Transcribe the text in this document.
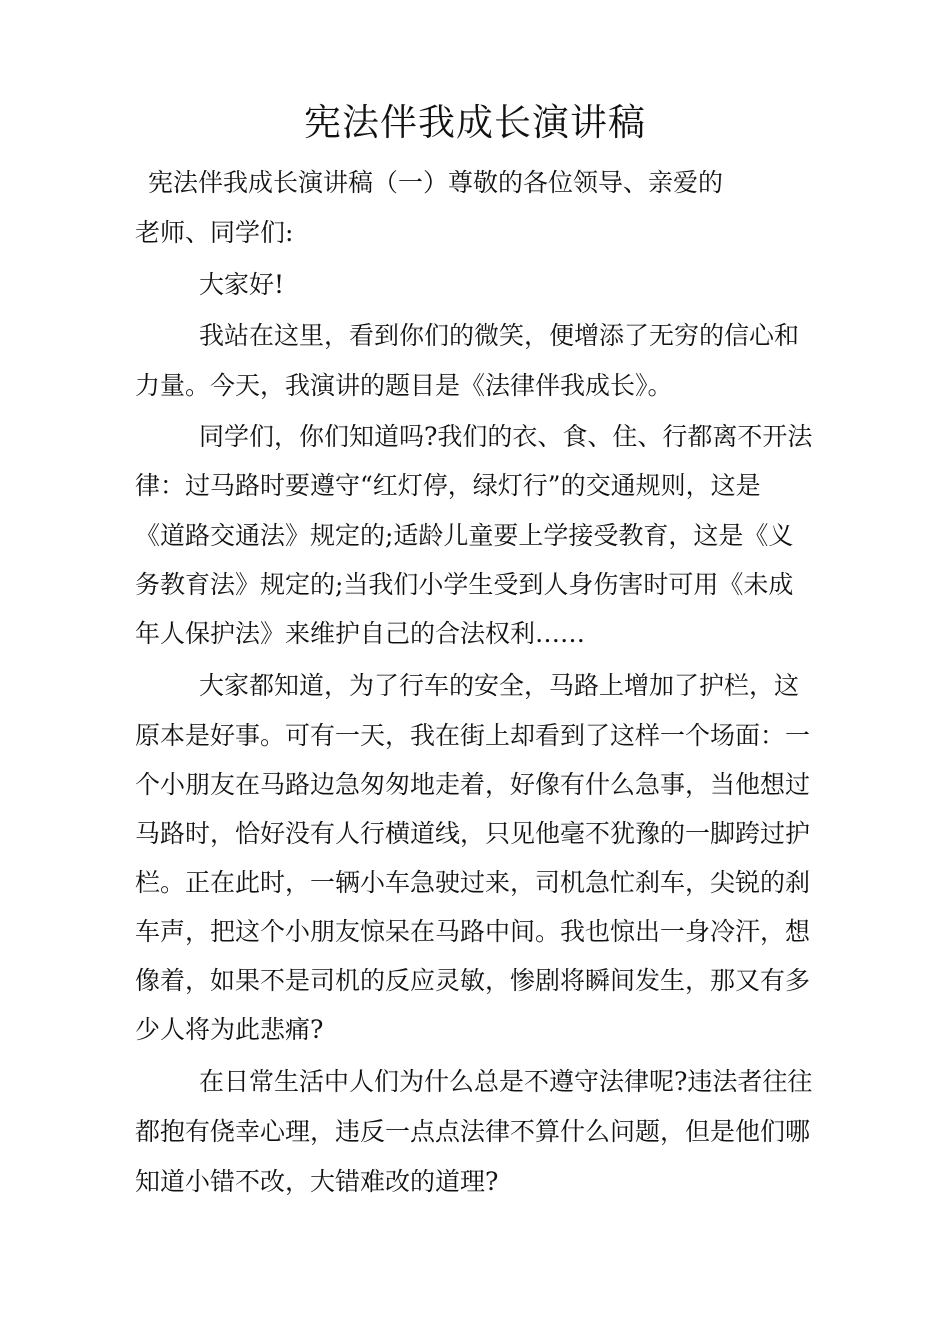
宪法伴我成长演讲稿
宪法伴我成长演讲稿（一）尊敬的各位领导、亲爱的
老师、同学们:
大家好!
我站在这里，看到你们的微笑，便增添了无穷的信心和
力量。今天，我演讲的题目是《法律伴我成长》。
同学们，你们知道吗?我们的衣、食、住、行都离不开法
律：过马路时要遵守“红灯停，绿灯行”的交通规则，这是
《道路交通法》规定的;适龄儿童要上学接受教育，这是《义
务教育法》规定的;当我们小学生受到人身伤害时可用《未成
年人保护法》来维护自己的合法权利……
大家都知道，为了行车的安全，马路上增加了护栏，这
原本是好事。可有一天，我在街上却看到了这样一个场面：一
个小朋友在马路边急匆匆地走着，好像有什么急事，当他想过
马路时，恰好没有人行横道线，只见他毫不犹豫的一脚跨过护
栏。正在此时，一辆小车急驶过来，司机急忙刹车，尖锐的刹
车声，把这个小朋友惊呆在马路中间。我也惊出一身冷汗，想
像着，如果不是司机的反应灵敏，惨剧将瞬间发生，那又有多
少人将为此悲痛?
在日常生活中人们为什么总是不遵守法律呢?违法者往往
都抱有侥幸心理，违反一点点法律不算什么问题，但是他们哪
知道小错不改，大错难改的道理?
